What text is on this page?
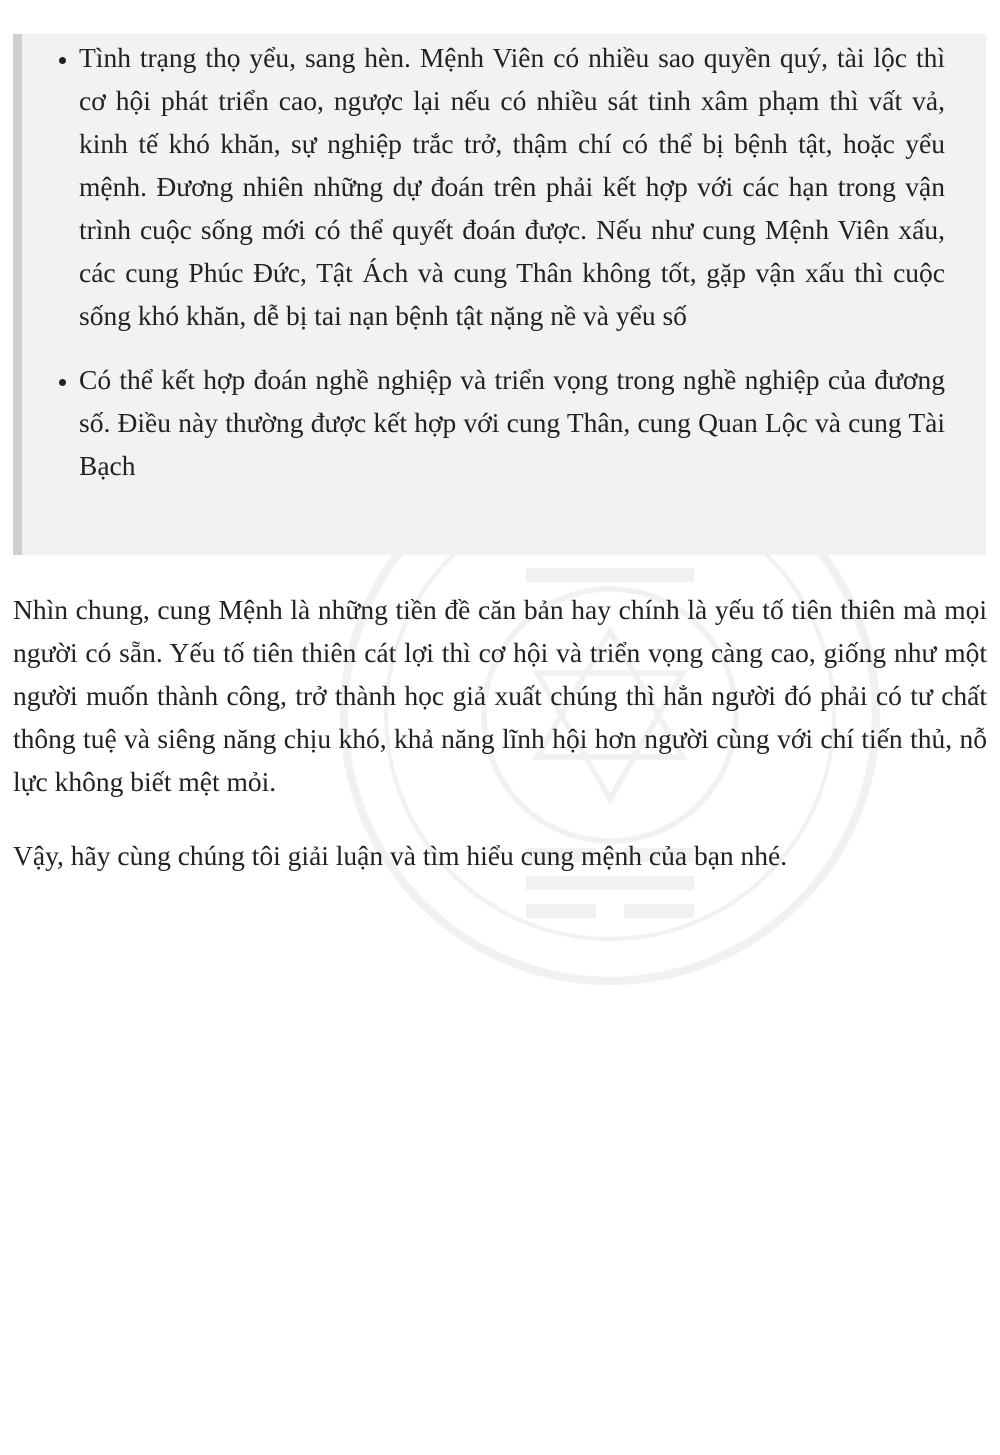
• Tình trạng thọ yểu, sang hèn. Mệnh Viên có nhiều sao quyền quý, tài lộc thì cơ hội phát triển cao, ngược lại nếu có nhiều sát tinh xâm phạm thì vất vả, kinh tế khó khăn, sự nghiệp trắc trở, thậm chí có thể bị bệnh tật, hoặc yểu mệnh. Đương nhiên những dự đoán trên phải kết hợp với các hạn trong vận trình cuộc sống mới có thể quyết đoán được. Nếu như cung Mệnh Viên xấu, các cung Phúc Đức, Tật Ách và cung Thân không tốt, gặp vận xấu thì cuộc sống khó khăn, dễ bị tai nạn bệnh tật nặng nề và yểu số
• Có thể kết hợp đoán nghề nghiệp và triển vọng trong nghề nghiệp của đương số. Điều này thường được kết hợp với cung Thân, cung Quan Lộc và cung Tài Bạch

Nhìn chung, cung Mệnh là những tiền đề căn bản hay chính là yếu tố tiên thiên mà mọi người có sẵn. Yếu tố tiên thiên cát lợi thì cơ hội và triển vọng càng cao, giống như một người muốn thành công, trở thành học giả xuất chúng thì hẳn người đó phải có tư chất thông tuệ và siêng năng chịu khó, khả năng lĩnh hội hơn người cùng với chí tiến thủ, nỗ lực không biết mệt mỏi.

Vậy, hãy cùng chúng tôi giải luận và tìm hiểu cung mệnh của bạn nhé.
